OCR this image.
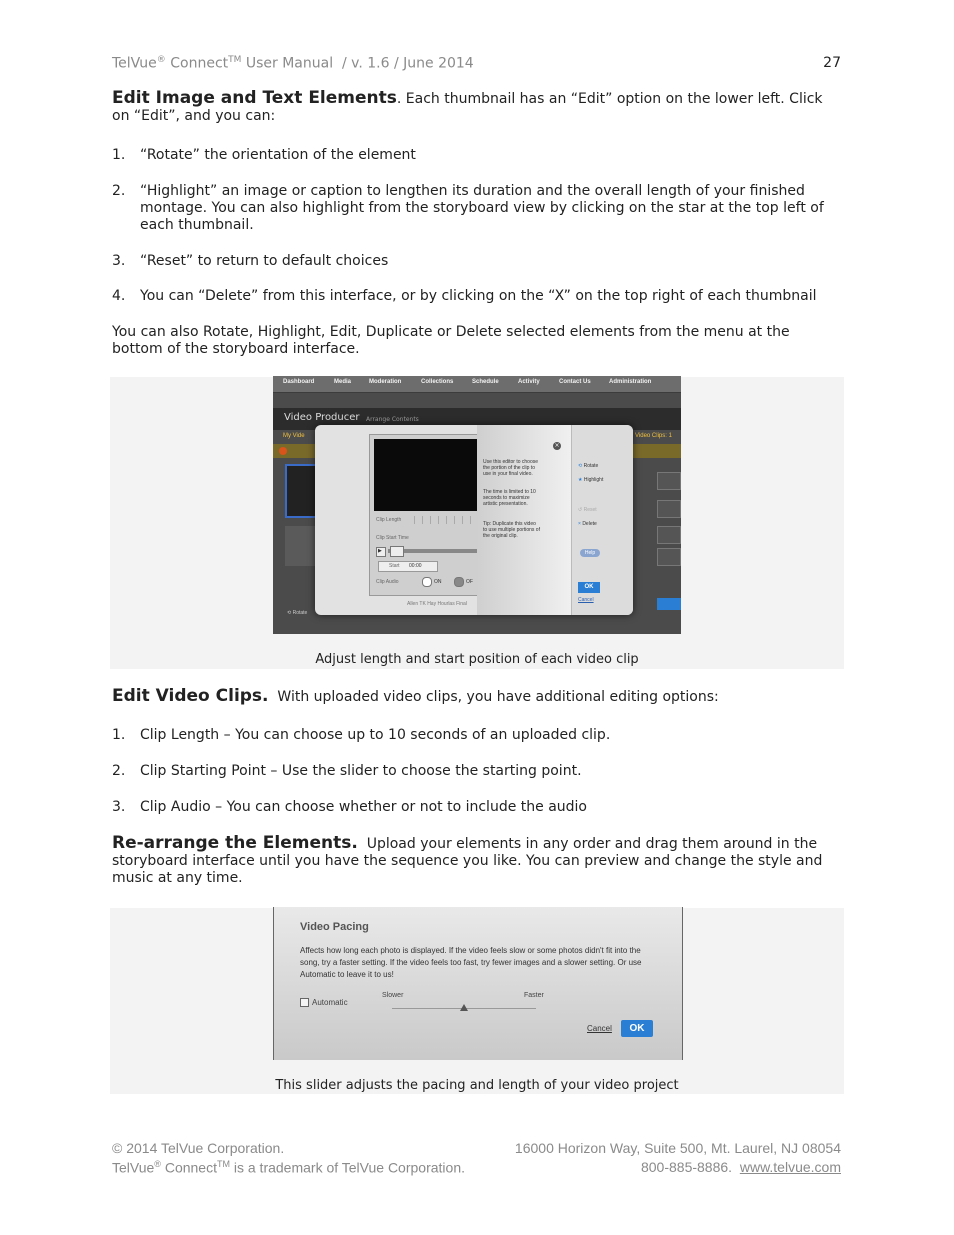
TelVue® Connect™ User Manual  / v. 1.6 / June 2014	27
Edit Image and Text Elements. Each thumbnail has an “Edit” option on the lower left. Click on “Edit”, and you can:
1. “Rotate” the orientation of the element
2. “Highlight” an image or caption to lengthen its duration and the overall length of your finished montage. You can also highlight from the storyboard view by clicking on the star at the top left of each thumbnail.
3. “Reset” to return to default choices
4. You can “Delete” from this interface, or by clicking on the “X” on the top right of each thumbnail
You can also Rotate, Highlight, Edit, Duplicate or Delete selected elements from the menu at the bottom of the storyboard interface.
Adjust length and start position of each video clip
Dashboard	Media	Moderation	Collections	Schedule	Activity	Contact Us	Administration
Video Producer Arrange Contents
My Vide	Video Clips: 1
⟲ Rotate
Clip Length
Clip Start Time
▶
Start 00:00
Clip Audio	ON	OF
Use this editor to choose the portion of the clip to use in your final video.
The time is limited to 10 seconds to maximize artistic presentation.
Tip: Duplicate this video to use multiple portions of the original clip.
×
⟲ Rotate
★ Highlight
↺ Reset
× Delete
Help
OK
Cancel
Allen TK Hay Hourlas Final
Edit Video Clips. With uploaded video clips, you have additional editing options:
1. Clip Length – You can choose up to 10 seconds of an uploaded clip.
2. Clip Starting Point – Use the slider to choose the starting point.
3. Clip Audio – You can choose whether or not to include the audio
Re-arrange the Elements. Upload your elements in any order and drag them around in the storyboard interface until you have the sequence you like. You can preview and change the style and music at any time.
This slider adjusts the pacing and length of your video project
Video Pacing
Affects how long each photo is displayed. If the video feels slow or some photos didn't fit into the song, try a faster setting. If the video feels too fast, try fewer images and a slower setting. Or use Automatic to leave it to us!
Automatic
Slower	Faster
Cancel	OK
© 2014 TelVue Corporation.	16000 Horizon Way, Suite 500, Mt. Laurel, NJ 08054
TelVue® Connect™ is a trademark of TelVue Corporation.	800-885-8886.  www.telvue.com
